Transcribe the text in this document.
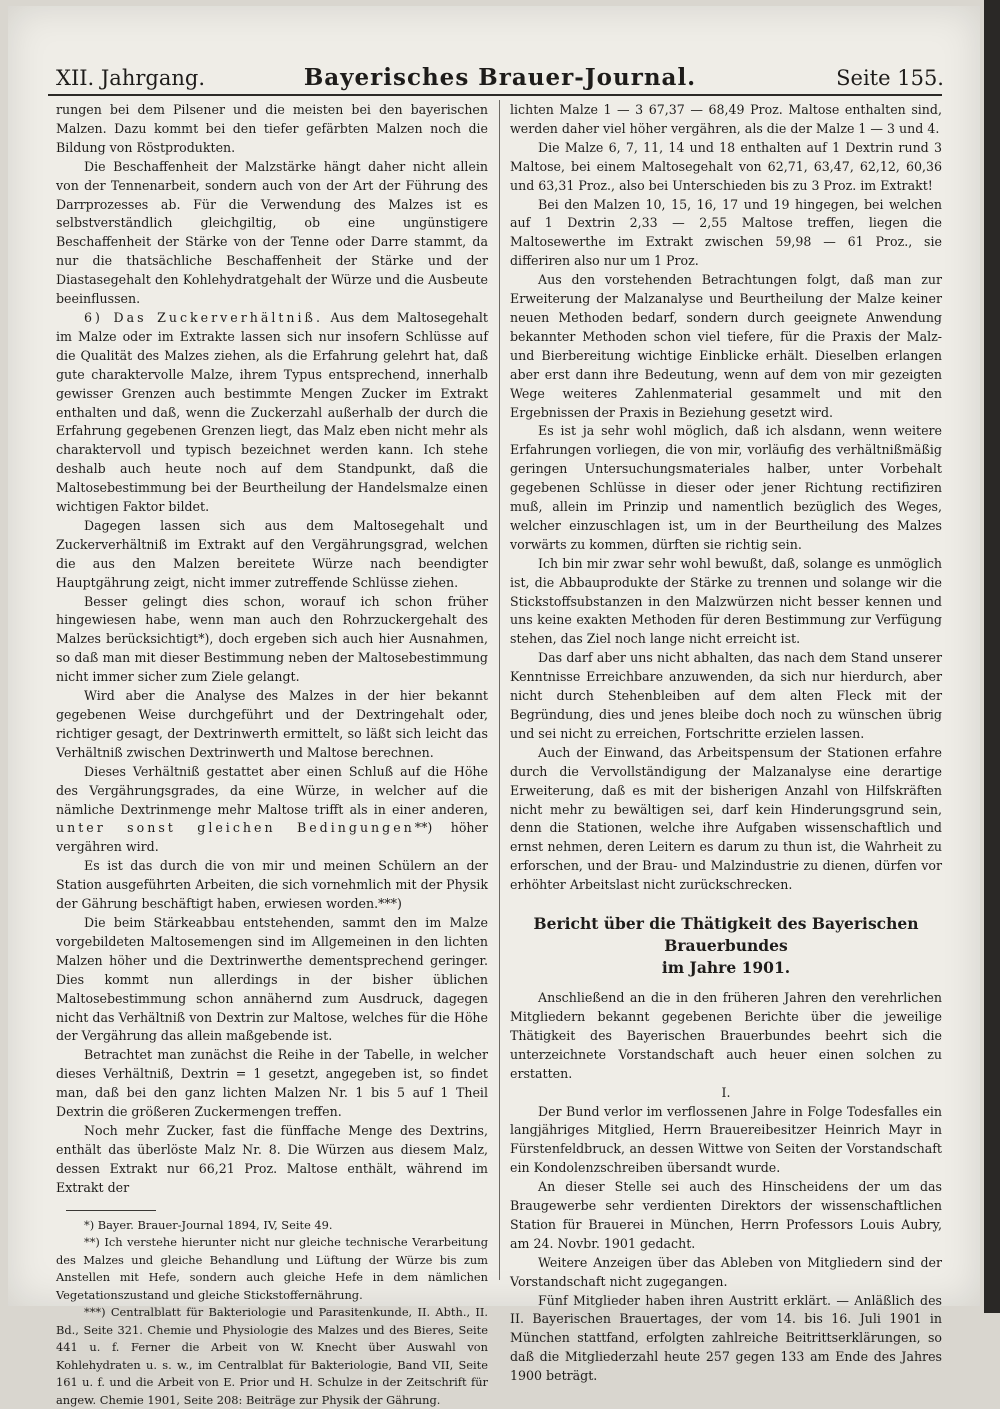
XII. Jahrgang.	Bayerisches Brauer-Journal.	Seite 155.

rungen bei dem Pilsener und die meisten bei den bayerischen Malzen. Dazu kommt bei den tiefer gefärbten Malzen noch die Bildung von Röstprodukten.

Die Beschaffenheit der Malzstärke hängt daher nicht allein von der Tennenarbeit, sondern auch von der Art der Führung des Darrprozesses ab. Für die Verwendung des Malzes ist es selbstverständlich gleichgiltig, ob eine ungünstigere Beschaffenheit der Stärke von der Tenne oder Darre stammt, da nur die thatsächliche Beschaffenheit der Stärke und der Diastasegehalt den Kohlehydratgehalt der Würze und die Ausbeute beeinflussen.

6) Das Zuckerverhältniß. Aus dem Maltosegehalt im Malze oder im Extrakte lassen sich nur insofern Schlüsse auf die Qualität des Malzes ziehen, als die Erfahrung gelehrt hat, daß gute charaktervolle Malze, ihrem Typus entsprechend, innerhalb gewisser Grenzen auch bestimmte Mengen Zucker im Extrakt enthalten und daß, wenn die Zuckerzahl außerhalb der durch die Erfahrung gegebenen Grenzen liegt, das Malz eben nicht mehr als charaktervoll und typisch bezeichnet werden kann. Ich stehe deshalb auch heute noch auf dem Standpunkt, daß die Maltosebestimmung bei der Beurtheilung der Handelsmalze einen wichtigen Faktor bildet.

Dagegen lassen sich aus dem Maltosegehalt und Zuckerverhältniß im Extrakt auf den Vergährungsgrad, welchen die aus den Malzen bereitete Würze nach beendigter Hauptgährung zeigt, nicht immer zutreffende Schlüsse ziehen.

Besser gelingt dies schon, worauf ich schon früher hingewiesen habe, wenn man auch den Rohrzuckergehalt des Malzes berücksichtigt*), doch ergeben sich auch hier Ausnahmen, so daß man mit dieser Bestimmung neben der Maltosebestimmung nicht immer sicher zum Ziele gelangt.

Wird aber die Analyse des Malzes in der hier bekannt gegebenen Weise durchgeführt und der Dextringehalt oder, richtiger gesagt, der Dextrinwerth ermittelt, so läßt sich leicht das Verhältniß zwischen Dextrinwerth und Maltose berechnen.

Dieses Verhältniß gestattet aber einen Schluß auf die Höhe des Vergährungsgrades, da eine Würze, in welcher auf die nämliche Dextrinmenge mehr Maltose trifft als in einer anderen, unter sonst gleichen Bedingungen**) höher vergähren wird.

Es ist das durch die von mir und meinen Schülern an der Station ausgeführten Arbeiten, die sich vornehmlich mit der Physik der Gährung beschäftigt haben, erwiesen worden.***)

Die beim Stärkeabbau entstehenden, sammt den im Malze vorgebildeten Maltosemengen sind im Allgemeinen in den lichten Malzen höher und die Dextrinwerthe dementsprechend geringer. Dies kommt nun allerdings in der bisher üblichen Maltosebestimmung schon annähernd zum Ausdruck, dagegen nicht das Verhältniß von Dextrin zur Maltose, welches für die Höhe der Vergährung das allein maßgebende ist.

Betrachtet man zunächst die Reihe in der Tabelle, in welcher dieses Verhältniß, Dextrin = 1 gesetzt, angegeben ist, so findet man, daß bei den ganz lichten Malzen Nr. 1 bis 5 auf 1 Theil Dextrin die größeren Zuckermengen treffen.

Noch mehr Zucker, fast die fünffache Menge des Dextrins, enthält das überlöste Malz Nr. 8. Die Würzen aus diesem Malz, dessen Extrakt nur 66,21 Proz. Maltose enthält, während im Extrakt der

*) Bayer. Brauer-Journal 1894, IV, Seite 49.

**) Ich verstehe hierunter nicht nur gleiche technische Verarbeitung des Malzes und gleiche Behandlung und Lüftung der Würze bis zum Anstellen mit Hefe, sondern auch gleiche Hefe in dem nämlichen Vegetationszustand und gleiche Stickstoffernährung.

***) Centralblatt für Bakteriologie und Parasitenkunde, II. Abth., II. Bd., Seite 321. Chemie und Physiologie des Malzes und des Bieres, Seite 441 u. f. Ferner die Arbeit von W. Knecht über Auswahl von Kohlehydraten u. s. w., im Centralblat für Bakteriologie, Band VII, Seite 161 u. f. und die Arbeit von E. Prior und H. Schulze in der Zeitschrift für angew. Chemie 1901, Seite 208: Beiträge zur Physik der Gährung.

lichten Malze 1 — 3 67,37 — 68,49 Proz. Maltose enthalten sind, werden daher viel höher vergähren, als die der Malze 1 — 3 und 4.

Die Malze 6, 7, 11, 14 und 18 enthalten auf 1 Dextrin rund 3 Maltose, bei einem Maltosegehalt von 62,71, 63,47, 62,12, 60,36 und 63,31 Proz., also bei Unterschieden bis zu 3 Proz. im Extrakt!

Bei den Malzen 10, 15, 16, 17 und 19 hingegen, bei welchen auf 1 Dextrin 2,33 — 2,55 Maltose treffen, liegen die Maltosewerthe im Extrakt zwischen 59,98 — 61 Proz., sie differiren also nur um 1 Proz.

Aus den vorstehenden Betrachtungen folgt, daß man zur Erweiterung der Malzanalyse und Beurtheilung der Malze keiner neuen Methoden bedarf, sondern durch geeignete Anwendung bekannter Methoden schon viel tiefere, für die Praxis der Malz- und Bierbereitung wichtige Einblicke erhält. Dieselben erlangen aber erst dann ihre Bedeutung, wenn auf dem von mir gezeigten Wege weiteres Zahlenmaterial gesammelt und mit den Ergebnissen der Praxis in Beziehung gesetzt wird.

Es ist ja sehr wohl möglich, daß ich alsdann, wenn weitere Erfahrungen vorliegen, die von mir, vorläufig des verhältnißmäßig geringen Untersuchungsmateriales halber, unter Vorbehalt gegebenen Schlüsse in dieser oder jener Richtung rectifiziren muß, allein im Prinzip und namentlich bezüglich des Weges, welcher einzuschlagen ist, um in der Beurtheilung des Malzes vorwärts zu kommen, dürften sie richtig sein.

Ich bin mir zwar sehr wohl bewußt, daß, solange es unmöglich ist, die Abbauprodukte der Stärke zu trennen und solange wir die Stickstoffsubstanzen in den Malzwürzen nicht besser kennen und uns keine exakten Methoden für deren Bestimmung zur Verfügung stehen, das Ziel noch lange nicht erreicht ist.

Das darf aber uns nicht abhalten, das nach dem Stand unserer Kenntnisse Erreichbare anzuwenden, da sich nur hierdurch, aber nicht durch Stehenbleiben auf dem alten Fleck mit der Begründung, dies und jenes bleibe doch noch zu wünschen übrig und sei nicht zu erreichen, Fortschritte erzielen lassen.

Auch der Einwand, das Arbeitspensum der Stationen erfahre durch die Vervollständigung der Malzanalyse eine derartige Erweiterung, daß es mit der bisherigen Anzahl von Hilfskräften nicht mehr zu bewältigen sei, darf kein Hinderungsgrund sein, denn die Stationen, welche ihre Aufgaben wissenschaftlich und ernst nehmen, deren Leitern es darum zu thun ist, die Wahrheit zu erforschen, und der Brau- und Malzindustrie zu dienen, dürfen vor erhöhter Arbeitslast nicht zurückschrecken.

Bericht über die Thätigkeit des Bayerischen Brauerbundes
im Jahre 1901.

Anschließend an die in den früheren Jahren den verehrlichen Mitgliedern bekannt gegebenen Berichte über die jeweilige Thätigkeit des Bayerischen Brauerbundes beehrt sich die unterzeichnete Vorstandschaft auch heuer einen solchen zu erstatten.

I.

Der Bund verlor im verflossenen Jahre in Folge Todesfalles ein langjähriges Mitglied, Herrn Brauereibesitzer Heinrich Mayr in Fürstenfeldbruck, an dessen Wittwe von Seiten der Vorstandschaft ein Kondolenzschreiben übersandt wurde.

An dieser Stelle sei auch des Hinscheidens der um das Braugewerbe sehr verdienten Direktors der wissenschaftlichen Station für Brauerei in München, Herrn Professors Louis Aubry, am 24. Novbr. 1901 gedacht.

Weitere Anzeigen über das Ableben von Mitgliedern sind der Vorstandschaft nicht zugegangen.

Fünf Mitglieder haben ihren Austritt erklärt. — Anläßlich des II. Bayerischen Brauertages, der vom 14. bis 16. Juli 1901 in München stattfand, erfolgten zahlreiche Beitrittserklärungen, so daß die Mitgliederzahl heute 257 gegen 133 am Ende des Jahres 1900 beträgt.
